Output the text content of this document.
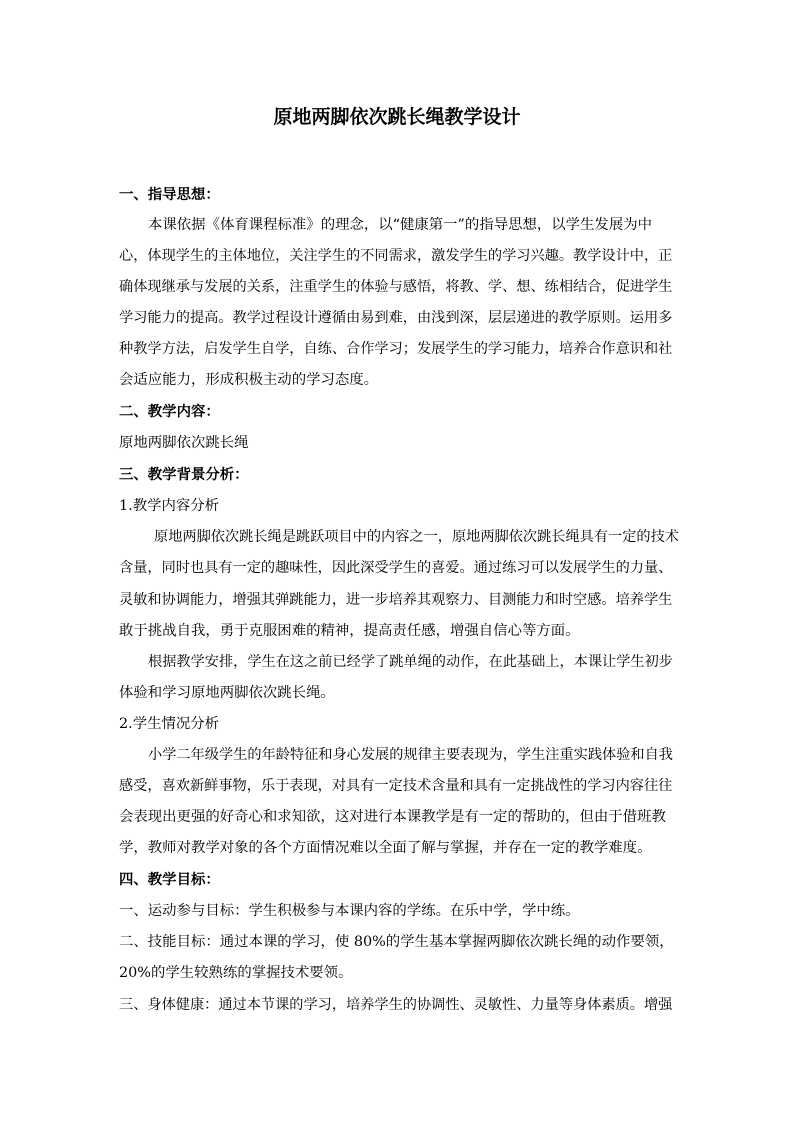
原地两脚依次跳长绳教学设计
一、指导思想：
本课依据《体育课程标准》的理念，以“健康第一”的指导思想，以学生发展为中
心，体现学生的主体地位，关注学生的不同需求，激发学生的学习兴趣。教学设计中，正
确体现继承与发展的关系，注重学生的体验与感悟，将教、学、想、练相结合，促进学生
学习能力的提高。教学过程设计遵循由易到难，由浅到深，层层递进的教学原则。运用多
种教学方法，启发学生自学，自练、合作学习；发展学生的学习能力，培养合作意识和社
会适应能力，形成积极主动的学习态度。
二、教学内容：
原地两脚依次跳长绳
三、教学背景分析：
1.教学内容分析
原地两脚依次跳长绳是跳跃项目中的内容之一，原地两脚依次跳长绳具有一定的技术
含量，同时也具有一定的趣味性，因此深受学生的喜爱。通过练习可以发展学生的力量、
灵敏和协调能力，增强其弹跳能力，进一步培养其观察力、目测能力和时空感。培养学生
敢于挑战自我，勇于克服困难的精神，提高责任感，增强自信心等方面。
根据教学安排，学生在这之前已经学了跳单绳的动作，在此基础上，本课让学生初步
体验和学习原地两脚依次跳长绳。
2.学生情况分析
小学二年级学生的年龄特征和身心发展的规律主要表现为，学生注重实践体验和自我
感受，喜欢新鲜事物，乐于表现，对具有一定技术含量和具有一定挑战性的学习内容往往
会表现出更强的好奇心和求知欲，这对进行本课教学是有一定的帮助的，但由于借班教
学，教师对教学对象的各个方面情况难以全面了解与掌握，并存在一定的教学难度。
四、教学目标：
一、运动参与目标：学生积极参与本课内容的学练。在乐中学，学中练。
二、技能目标：通过本课的学习，使 80%的学生基本掌握两脚依次跳长绳的动作要领，
20%的学生较熟练的掌握技术要领。
三、身体健康：通过本节课的学习，培养学生的协调性、灵敏性、力量等身体素质。增强
